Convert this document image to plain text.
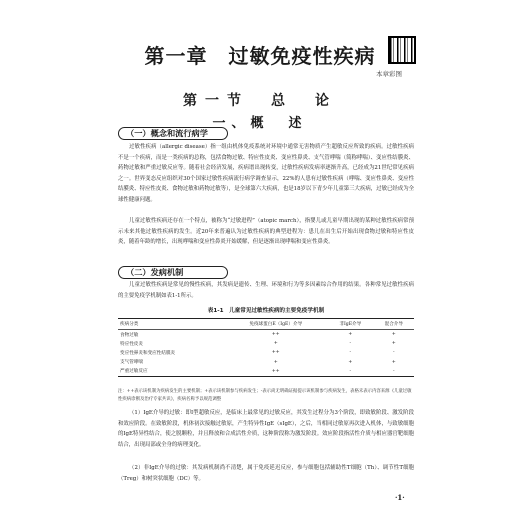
第一章　过敏免疫性疾病
本章彩图
第一节　总　论
一、概　述
（一）概念和流行病学
过敏性疾病（allergic disease）指一组由机体免疫系统对环境中通常无害物质产生超敏反应所致的疾病。过敏性疾病不是一个疾病，而是一类疾病的总称，包括食物过敏、特应性皮炎、变应性鼻炎、支气管哮喘（简称哮喘）、变应性结膜炎、药物过敏和严重过敏反应等。随着社会经济发展，疾病谱出现转变，过敏性疾病发病率逐渐升高，已经成为21世纪常见疾病之一。世界变态反应组织对30个国家过敏性疾病流行病学调查显示，22%的人患有过敏性疾病（哮喘、变应性鼻炎、变应性结膜炎、特应性皮炎、食物过敏和药物过敏等），是全球第六大疾病，也是18岁以下青少年儿童第三大疾病，过敏已经成为全球性健康问题。
儿童过敏性疾病还存在一个特点，被称为“过敏进程”（atopic march），指婴儿或儿童早期出现的某种过敏性疾病常预示未来其他过敏性疾病的发生。近20年来普遍认为过敏性疾病的典型进程为：患儿在出生后开始出现食物过敏和特应性皮炎，随着年龄的增长，出现哮喘和变应性鼻炎开始缓解，但是逐渐出现哮喘和变应性鼻炎。
（二）发病机制
儿童过敏性疾病是常见的慢性疾病，其发病是遗传、生理、环境和行为等多因素综合作用的结果。各种常见过敏性疾病的主要免疫学机制如表1-1所示。
表1-1　儿童常见过敏性疾病的主要免疫学机制
疾病分类	免疫球蛋白E（IgE）介导	非IgE介导	混合介导
食物过敏	++	+	+
特应性皮炎	+	-	+
变应性鼻炎和变应性结膜炎	++	-	-
支气管哮喘	+	+	+
严重过敏反应	++	-	-
注：++表示该机制为疾病发生的主要机制；+表示该机制参与疾病发生；-表示尚无明确证据提示该机制参与疾病发生，表格未表示内容来源《儿童过敏性疾病诊断及治疗专家共识》，疾病名称予以规范调整
（1）IgE介导的过敏：即Ⅰ型超敏反应，是临床上最常见的过敏反应，其发生过程分为3个阶段，即致敏阶段、激发阶段和效应阶段。在致敏阶段，机体初次接触过敏原，产生特异性IgE（sIgE），之后，当相同过敏原再次进入机体，与致敏细胞的IgE特异性结合，使之脱颗粒，并且释放和合成活性介质，这种阶段称为激发阶段。效应阶段指活性介质与相应器官靶细胞结合，出现局部或全身的病理变化。
（2）非IgE介导的过敏：其发病机制尚不清楚，属于免疫延迟反应，参与细胞包括辅助性T细胞（Th）、调节性T细胞（Treg）和树突状细胞（DC）等。
·1·
